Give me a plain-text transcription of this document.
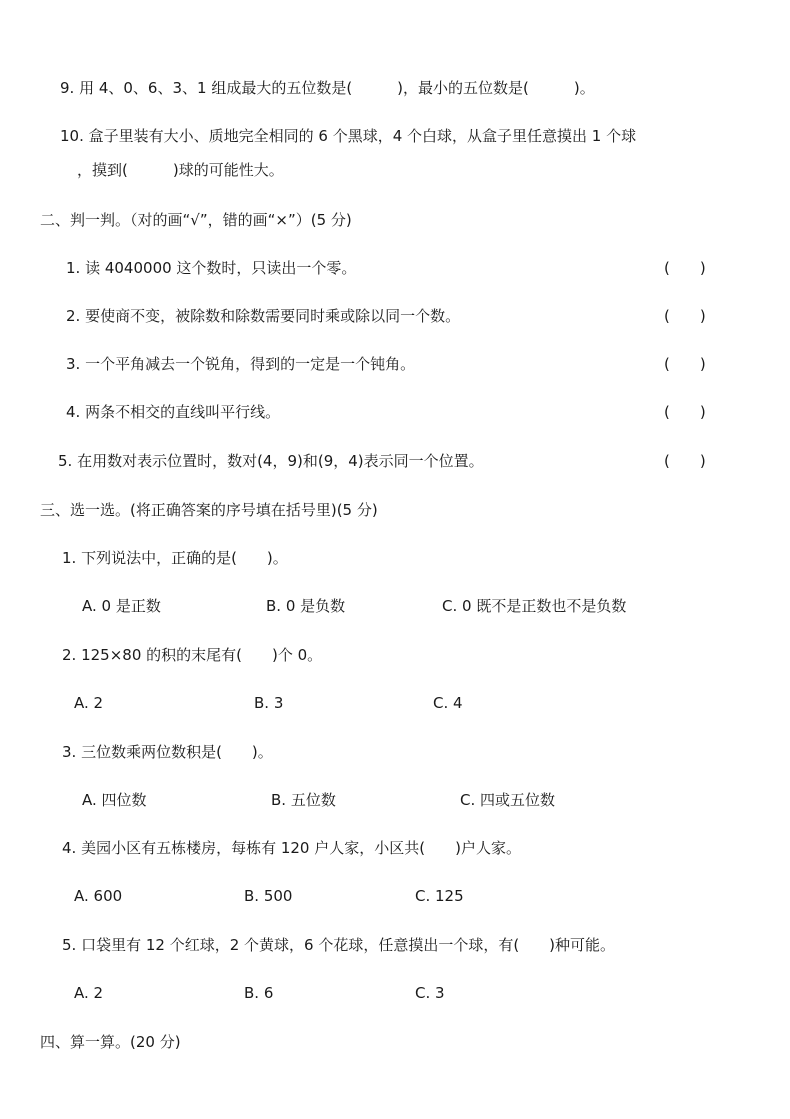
9. 用 4、0、6、3、1 组成最大的五位数是(　　　)，最小的五位数是(　　　)。
10. 盒子里装有大小、质地完全相同的 6 个黑球，4 个白球，从盒子里任意摸出 1 个球
，摸到(　　　)球的可能性大。
二、判一判。（对的画“√”，错的画“×”）(5 分)
1. 读 4040000 这个数时，只读出一个零。	(　　)
2. 要使商不变，被除数和除数需要同时乘或除以同一个数。	(　　)
3. 一个平角减去一个锐角，得到的一定是一个钝角。	(　　)
4. 两条不相交的直线叫平行线。	(　　)
5. 在用数对表示位置时，数对(4，9)和(9，4)表示同一个位置。	(　　)
三、选一选。(将正确答案的序号填在括号里)(5 分)
1. 下列说法中，正确的是(　　)。
A. 0 是正数	B. 0 是负数	C. 0 既不是正数也不是负数
2. 125×80 的积的末尾有(　　)个 0。
A. 2	B. 3	C. 4
3. 三位数乘两位数积是(　　)。
A. 四位数	B. 五位数	C. 四或五位数
4. 美园小区有五栋楼房，每栋有 120 户人家，小区共(　　)户人家。
A. 600	B. 500	C. 125
5. 口袋里有 12 个红球，2 个黄球，6 个花球，任意摸出一个球，有(　　)种可能。
A. 2	B. 6	C. 3
四、算一算。(20 分)
